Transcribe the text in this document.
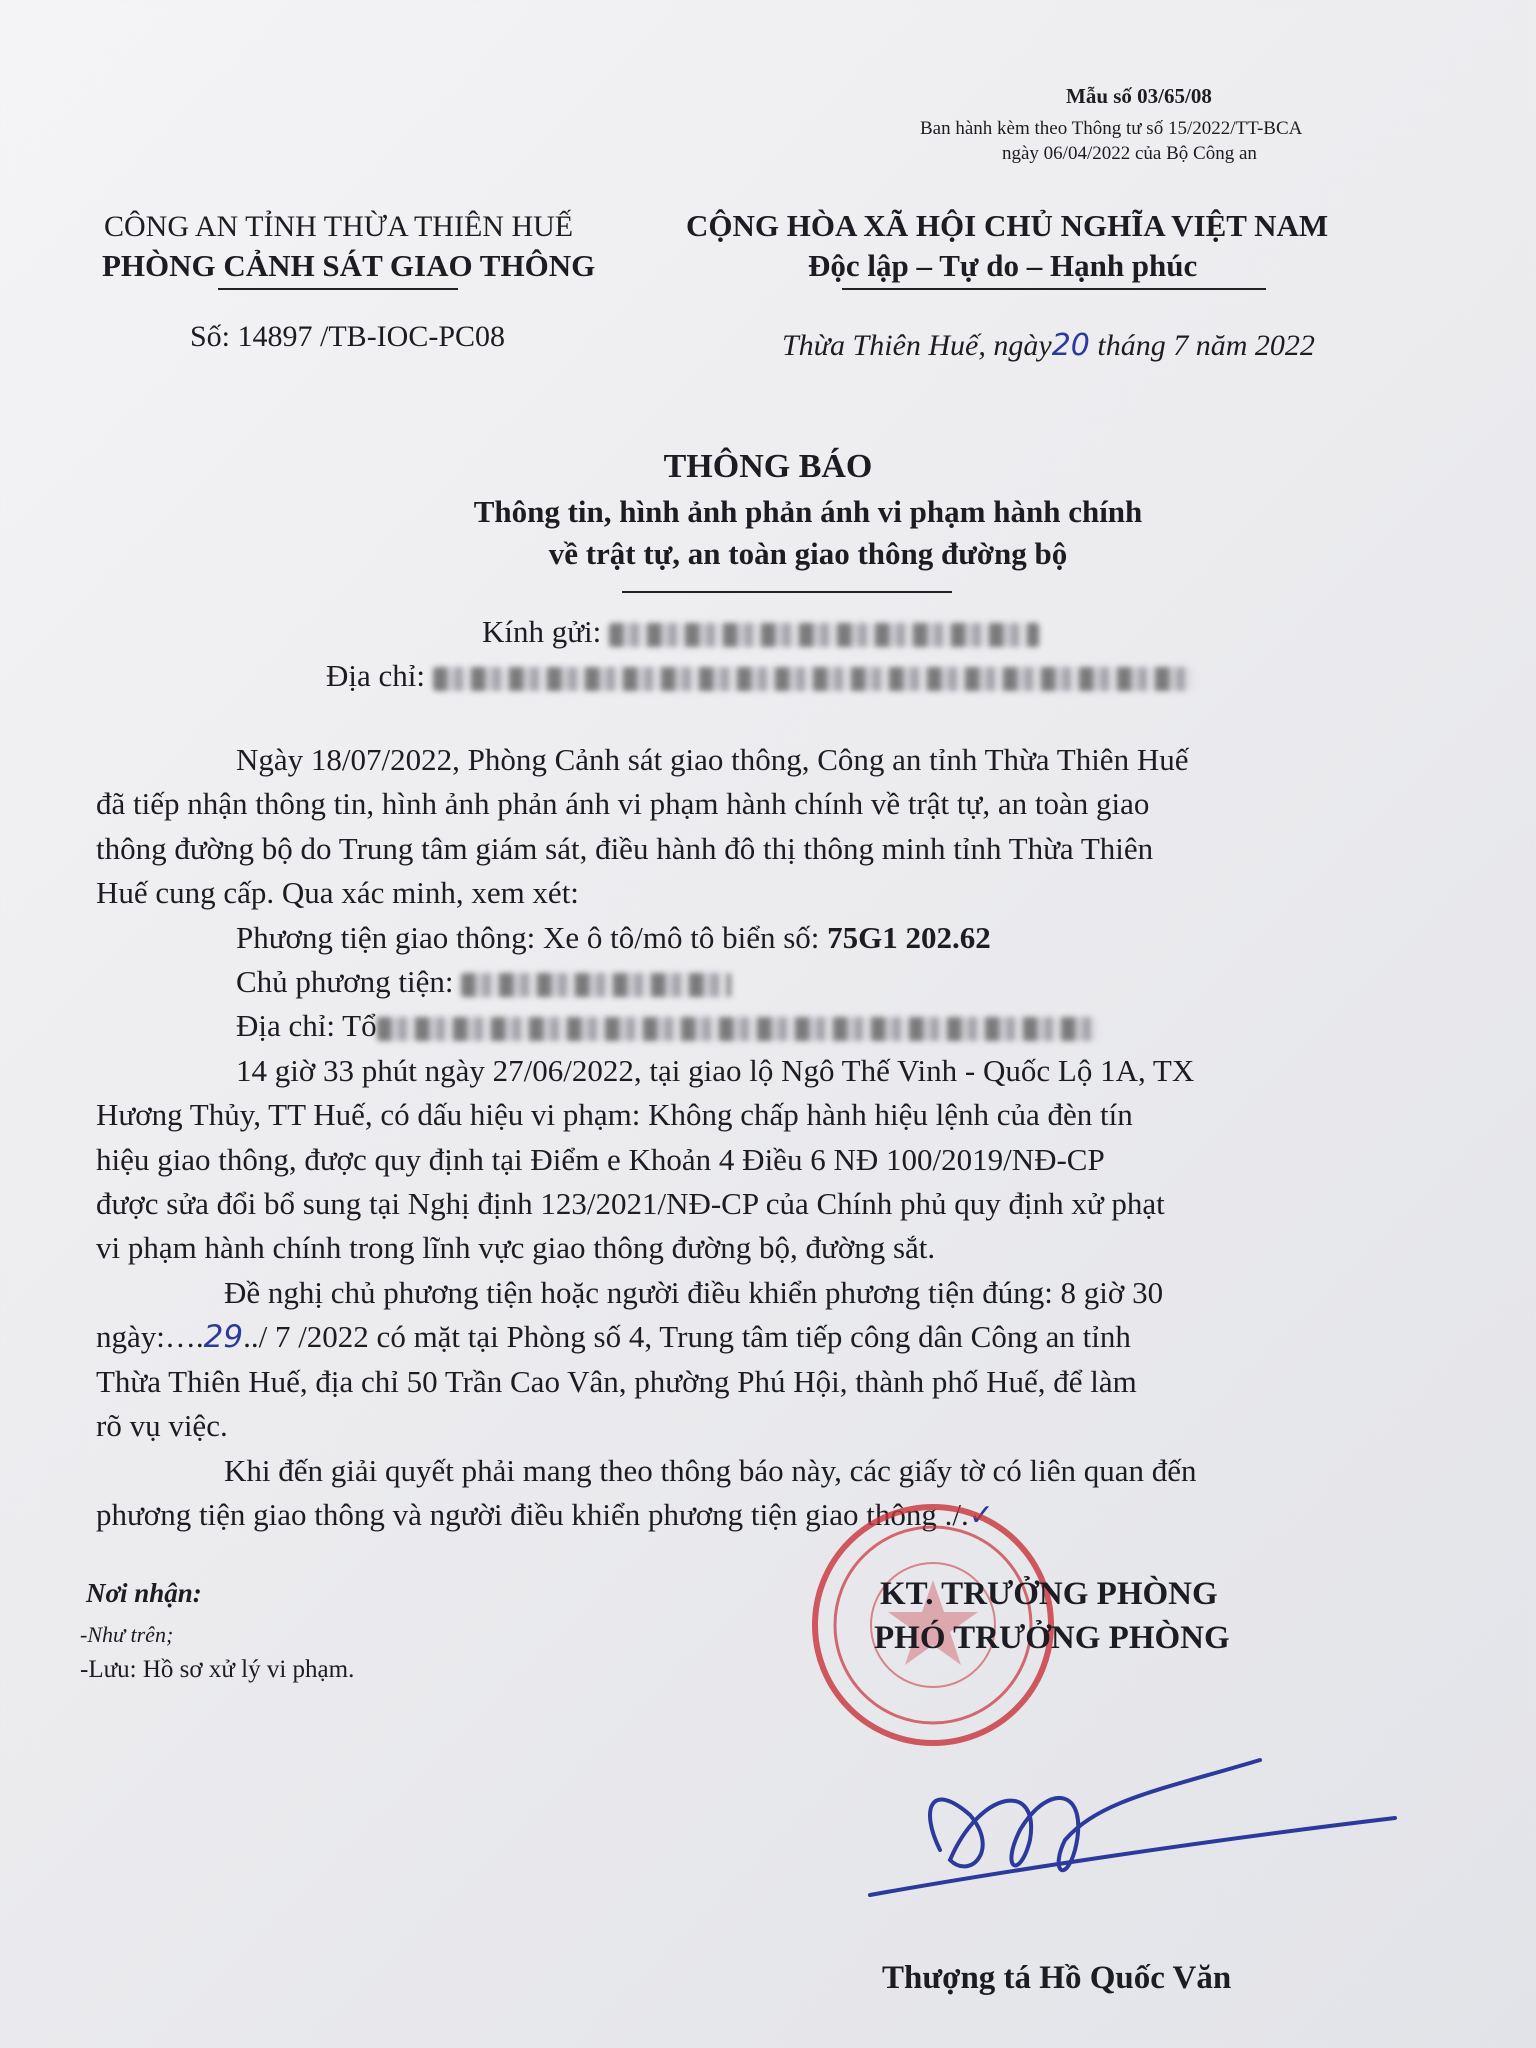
Mẫu số 03/65/08
Ban hành kèm theo Thông tư số 15/2022/TT-BCA
ngày 06/04/2022 của Bộ Công an
CÔNG AN TỈNH THỪA THIÊN HUẾ
PHÒNG CẢNH SÁT GIAO THÔNG
Số: 14897 /TB-IOC-PC08
CỘNG HÒA XÃ HỘI CHỦ NGHĨA VIỆT NAM
Độc lập – Tự do – Hạnh phúc
Thừa Thiên Huế, ngày20 tháng 7 năm 2022
THÔNG BÁO
Thông tin, hình ảnh phản ánh vi phạm hành chính
về trật tự, an toàn giao thông đường bộ
Kính gửi:
Địa chỉ:
Ngày 18/07/2022, Phòng Cảnh sát giao thông, Công an tỉnh Thừa Thiên Huế
đã tiếp nhận thông tin, hình ảnh phản ánh vi phạm hành chính về trật tự, an toàn giao
thông đường bộ do Trung tâm giám sát, điều hành đô thị thông minh tỉnh Thừa Thiên
Huế cung cấp. Qua xác minh, xem xét:
Phương tiện giao thông: Xe ô tô/mô tô biển số: 75G1 202.62
Chủ phương tiện:
Địa chỉ: Tổ
14 giờ 33 phút ngày 27/06/2022, tại giao lộ Ngô Thế Vinh - Quốc Lộ 1A, TX
Hương Thủy, TT Huế, có dấu hiệu vi phạm: Không chấp hành hiệu lệnh của đèn tín
hiệu giao thông, được quy định tại Điểm e Khoản 4 Điều 6 NĐ 100/2019/NĐ-CP
được sửa đổi bổ sung tại Nghị định 123/2021/NĐ-CP của Chính phủ quy định xử phạt
vi phạm hành chính trong lĩnh vực giao thông đường bộ, đường sắt.
Đề nghị chủ phương tiện hoặc người điều khiển phương tiện đúng: 8 giờ 30
ngày:….29../ 7 /2022 có mặt tại Phòng số 4, Trung tâm tiếp công dân Công an tỉnh
Thừa Thiên Huế, địa chỉ 50 Trần Cao Vân, phường Phú Hội, thành phố Huế, để làm
rõ vụ việc.
Khi đến giải quyết phải mang theo thông báo này, các giấy tờ có liên quan đến
phương tiện giao thông và người điều khiển phương tiện giao thông ./.✓
Nơi nhận:
-Như trên;
-Lưu: Hồ sơ xử lý vi phạm.
KT. TRƯỞNG PHÒNG
PHÓ TRƯỞNG PHÒNG
Thượng tá Hồ Quốc Văn
